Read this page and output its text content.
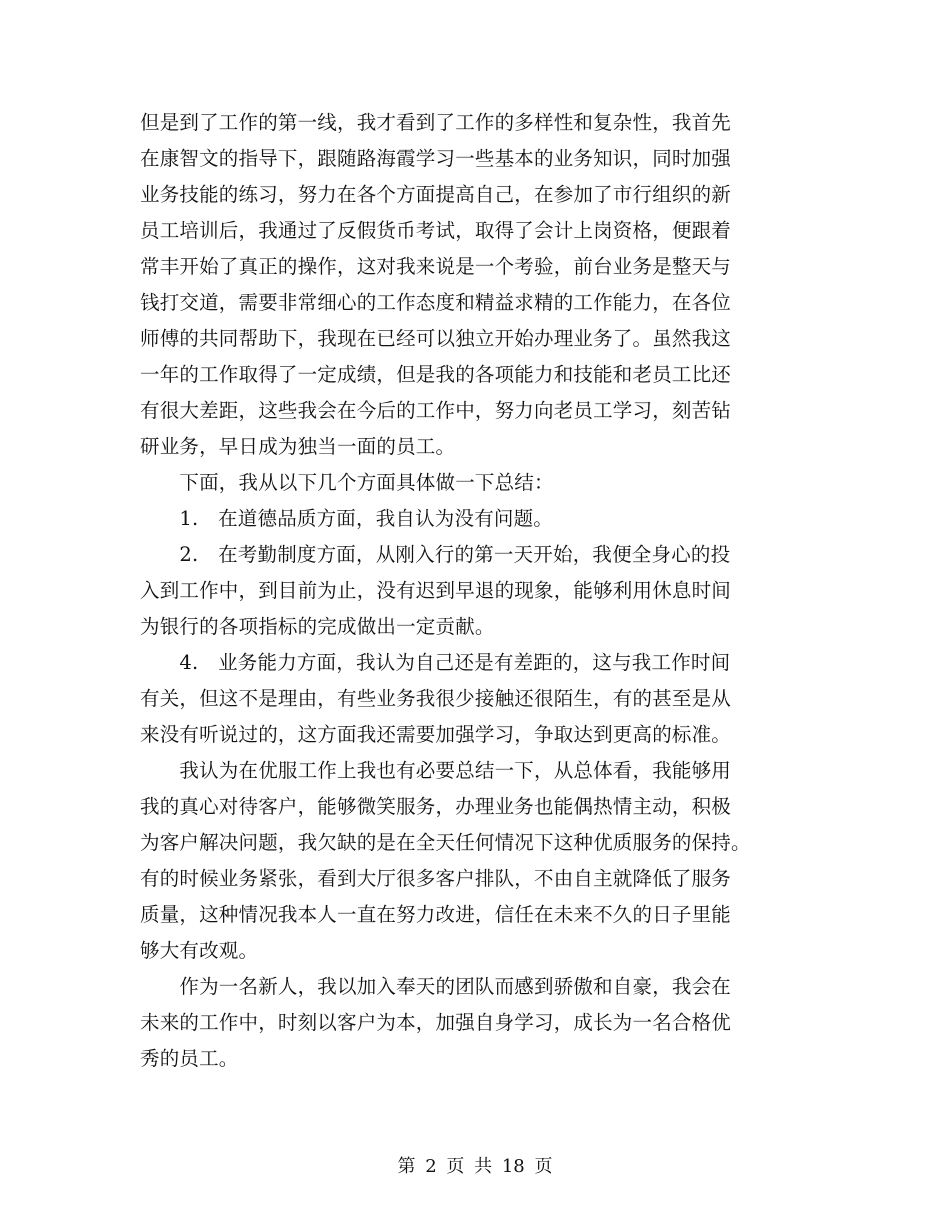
但是到了工作的第一线，我才看到了工作的多样性和复杂性，我首先
在康智文的指导下，跟随路海霞学习一些基本的业务知识，同时加强
业务技能的练习，努力在各个方面提高自己，在参加了市行组织的新
员工培训后，我通过了反假货币考试，取得了会计上岗资格，便跟着
常丰开始了真正的操作，这对我来说是一个考验，前台业务是整天与
钱打交道，需要非常细心的工作态度和精益求精的工作能力，在各位
师傅的共同帮助下，我现在已经可以独立开始办理业务了。虽然我这
一年的工作取得了一定成绩，但是我的各项能力和技能和老员工比还
有很大差距，这些我会在今后的工作中，努力向老员工学习，刻苦钻
研业务，早日成为独当一面的员工。
　　下面，我从以下几个方面具体做一下总结：
　　1.　在道德品质方面，我自认为没有问题。
　　2.　在考勤制度方面，从刚入行的第一天开始，我便全身心的投
入到工作中，到目前为止，没有迟到早退的现象，能够利用休息时间
为银行的各项指标的完成做出一定贡献。
　　4.　业务能力方面，我认为自己还是有差距的，这与我工作时间
有关，但这不是理由，有些业务我很少接触还很陌生，有的甚至是从
来没有听说过的，这方面我还需要加强学习，争取达到更高的标准。
　　我认为在优服工作上我也有必要总结一下，从总体看，我能够用
我的真心对待客户，能够微笑服务，办理业务也能偶热情主动，积极
为客户解决问题，我欠缺的是在全天任何情况下这种优质服务的保持。
有的时候业务紧张，看到大厅很多客户排队，不由自主就降低了服务
质量，这种情况我本人一直在努力改进，信任在未来不久的日子里能
够大有改观。
　　作为一名新人，我以加入奉天的团队而感到骄傲和自豪，我会在
未来的工作中，时刻以客户为本，加强自身学习，成长为一名合格优
秀的员工。
第 2 页 共 18 页
